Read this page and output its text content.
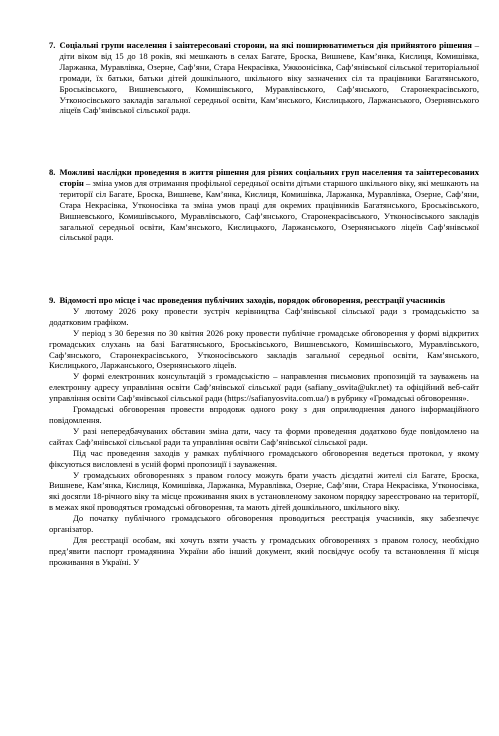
7. Соціальні групи населення і заінтересовані сторони, на які поширюватиметься дія прийнятого рішення – діти віком від 15 до 18 років, які мешкають в селах Багате, Броска, Вишневе, Кам’янка, Кислиця, Комишівка, Ларжанка, Муравлівка, Озерне, Саф’яни, Стара Некрасівка, Ужкоонісівка, Саф’янівської сільської територіальної громади, їх батьки, батьки дітей дошкільного, шкільного віку зазначених сіл та працівники Багатянського, Броськівського, Вишневського, Комишівського, Муравлівського, Саф’янського, Старонекрасівського, Утконосівського закладів загальної середньої освіти, Кам’янського, Кислицького, Ларжанського, Озернянського ліцеїв Саф’янівської сільської ради.
8. Можливі наслідки проведення в життя рішення для різних соціальних груп населення та заінтересованих сторін – зміна умов для отримання профільної середньої освіти дітьми старшого шкільного віку, які мешкають на території сіл Багате, Броска, Вишневе, Кам’янка, Кислиця, Комишівка, Ларжанка, Муравлівка, Озерне, Саф’яни, Стара Некрасівка, Утконосівка та зміна умов праці для окремих працівників Багатянського, Броськівського, Вишневського, Комишівського, Муравлівського, Саф’янського, Старонекрасівського, Утконосівського закладів загальної середньої освіти, Кам’янського, Кислицького, Ларжанського, Озернянського ліцеїв Саф’янівської сільської ради.
9. Відомості про місце і час проведення публічних заходів, порядок обговорення, реєстрації учасників

У лютому 2026 року провести зустріч керівництва Саф’янівської сільської ради з громадськістю за додатковим графіком.

У період з 30 березня по 30 квітня 2026 року провести публічне громадське обговорення у формі відкритих громадських слухань на базі Багатянського, Броськівського, Вишневського, Комишівського, Муравлівського, Саф’янського, Старонекрасівського, Утконосівського закладів загальної середньої освіти, Кам’янського, Кислицького, Ларжанського, Озернянського ліцеїв.

У формі електронних консультацій з громадськістю – направлення письмових пропозицій та зауважень на електронну адресу управління освіти Саф’янівської сільської ради (safiany_osvita@ukr.net) та офіційний веб-сайт управління освіти Саф’янівської сільської ради (https://safianyosvita.com.ua/) в рубрику «Громадські обговорення».

Громадські обговорення провести впродовж одного року з дня оприлюднення даного інформаційного повідомлення.

У разі непередбачуваних обставин зміна дати, часу та форми проведення додатково буде повідомлено на сайтах Саф’янівської сільської ради та управління освіти Саф’янівської сільської ради.

Під час проведення заходів у рамках публічного громадського обговорення ведеться протокол, у якому фіксуються висловлені в усній формі пропозиції і зауваження.

У громадських обговореннях з правом голосу можуть брати участь дієздатні жителі сіл Багате, Броска, Вишневе, Кам’янка, Кислиця, Комишівка, Ларжанка, Муравлівка, Озерне, Саф’яни, Стара Некрасівка, Утконосівка, які досягли 18-річного віку та місце проживання яких в установленому законом порядку зареєстровано на території, в межах якої проводяться громадські обговорення, та мають дітей дошкільного, шкільного віку.

До початку публічного громадського обговорення проводиться реєстрація учасників, яку забезпечує організатор.

Для реєстрації особам, які хочуть взяти участь у громадських обговореннях з правом голосу, необхідно пред’явити паспорт громадянина України або інший документ, який посвідчує особу та встановлення її місця проживання в Україні. У
